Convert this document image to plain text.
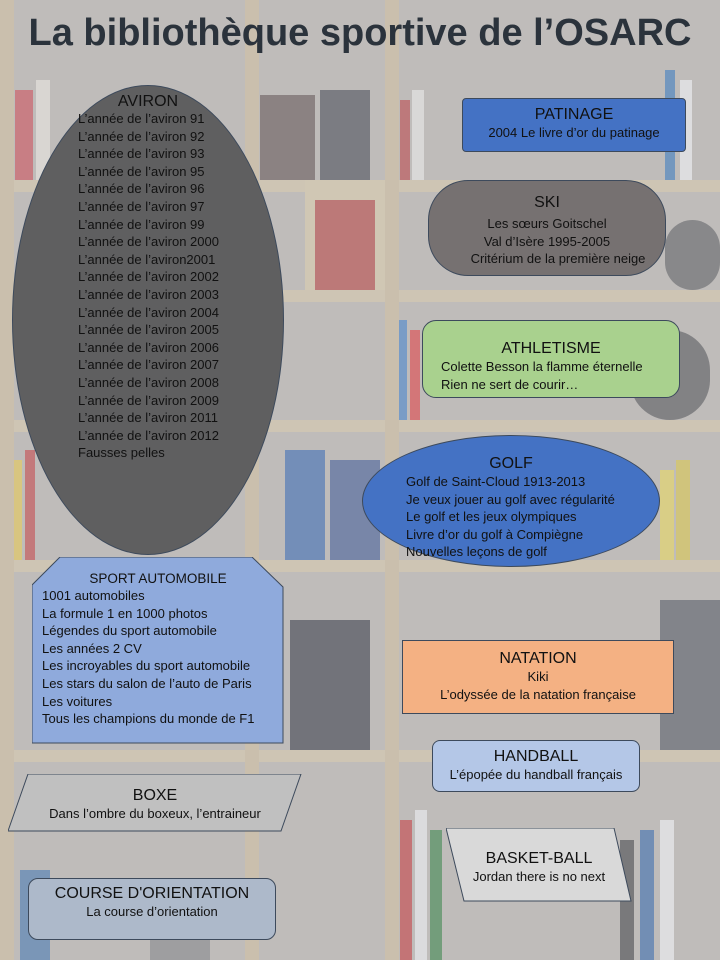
La bibliothèque sportive de l’OSARC
AVIRON
L’année de l’aviron 91
L’année de l’aviron 92
L’année de l’aviron 93
L’année de l’aviron 95
L’année de l’aviron 96
L’année de l’aviron 97
L’année de l’aviron 99
L’année de l’aviron 2000
L’année de l’aviron2001
L’année de l’aviron 2002
L’année de l’aviron 2003
L’année de l’aviron 2004
L’année de l’aviron 2005
L’année de l’aviron 2006
L’année de l’aviron 2007
L’année de l’aviron 2008
L’année de l’aviron 2009
L’année de l’aviron 2011
L’année de l’aviron 2012
Fausses pelles
PATINAGE
2004 Le livre d’or du patinage
SKI
Les sœurs Goitschel
Val d’Isère 1995-2005
Critérium de la première neige
ATHLETISME
Colette Besson la flamme éternelle
Rien ne sert de courir…
GOLF
Golf de Saint-Cloud 1913-2013
Je veux jouer au golf avec régularité
Le golf et les jeux olympiques
Livre d’or du golf à Compiègne
Nouvelles leçons de golf
SPORT AUTOMOBILE
1001 automobiles
La formule 1 en 1000 photos
Légendes du sport automobile
Les années 2 CV
Les incroyables du sport automobile
Les stars du salon de l’auto de Paris
Les voitures
Tous les champions du monde de F1
NATATION
Kiki
L’odyssée de la natation française
HANDBALL
L’épopée du handball français
BOXE
Dans l’ombre du boxeux, l’entraineur
BASKET-BALL
Jordan there is no next
COURSE D'ORIENTATION
La course d’orientation
